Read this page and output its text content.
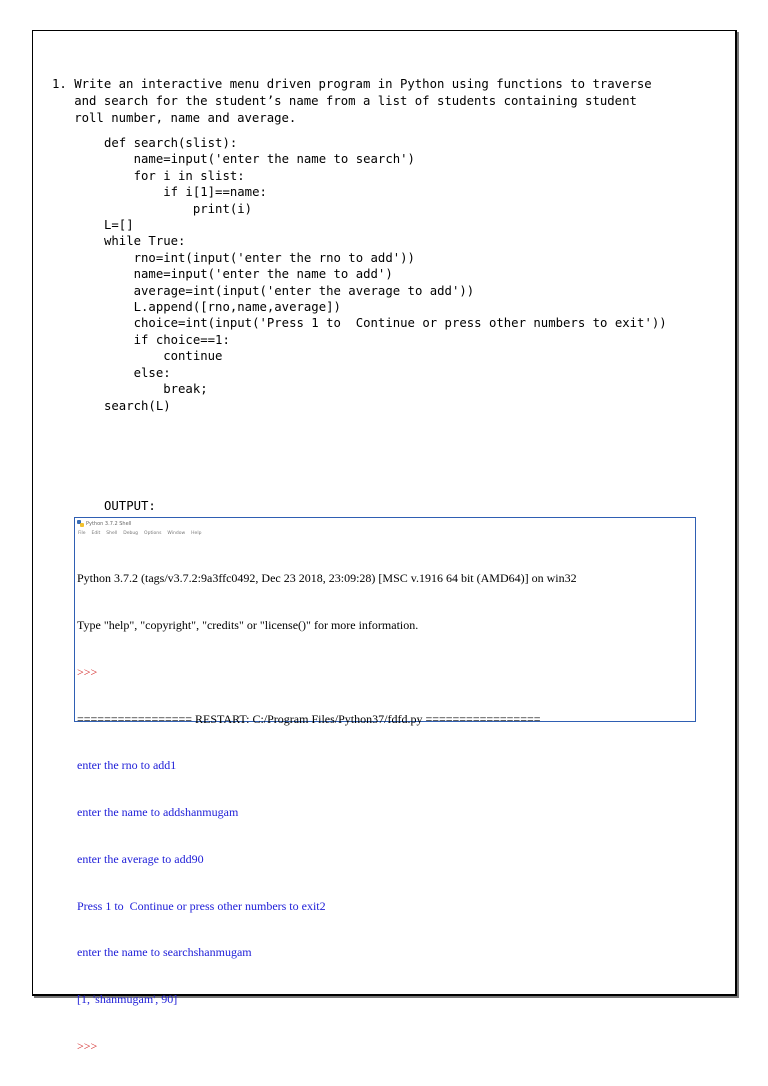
1. Write an interactive menu driven program in Python using functions to traverse
and search for the student’s name from a list of students containing student
roll number, name and average.
def search(slist):
name=input('enter the name to search')
for i in slist:
if i[1]==name:
print(i)
L=[]
while True:
rno=int(input('enter the rno to add'))
name=input('enter the name to add')
average=int(input('enter the average to add'))
L.append([rno,name,average])
choice=int(input('Press 1 to  Continue or press other numbers to exit'))
if choice==1:
continue
else:
break;
search(L)
OUTPUT:
Python 3.7.2 Shell
File Edit Shell Debug Options Window Help

Python 3.7.2 (tags/v3.7.2:9a3ffc0492, Dec 23 2018, 23:09:28) [MSC v.1916 64 bit (AMD64)] on win32

Type "help", "copyright", "credits" or "license()" for more information.

>>>

================= RESTART: C:/Program Files/Python37/fdfd.py =================

enter the rno to add1

enter the name to addshanmugam

enter the average to add90

Press 1 to  Continue or press other numbers to exit2

enter the name to searchshanmugam

[1, 'shanmugam', 90]

>>>
